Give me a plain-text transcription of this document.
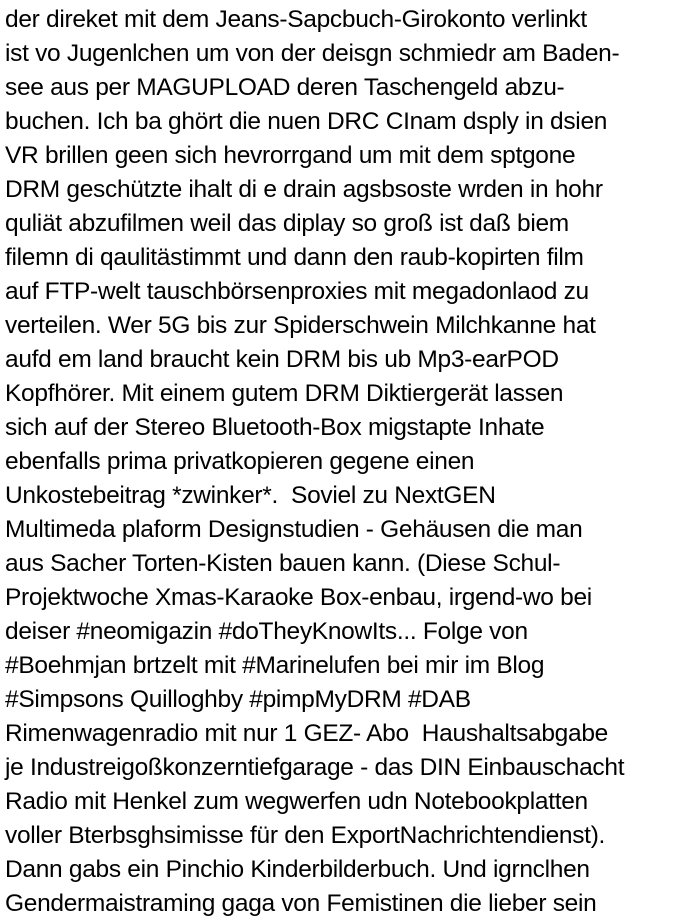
der direket mit dem Jeans-Sapcbuch-Girokonto verlinkt
ist vo Jugenlchen um von der deisgn schmiedr am Baden-
see aus per MAGUPLOAD deren Taschengeld abzu-
buchen. Ich ba ghört die nuen DRC CInam dsply in dsien
VR brillen geen sich hevrorrgand um mit dem sptgone
DRM geschützte ihalt di e drain agsbsoste wrden in hohr
quliät abzufilmen weil das diplay so groß ist daß biem
filemn di qaulitästimmt und dann den raub-kopirten film
auf FTP-welt tauschbörsenproxies mit megadonlaod zu
verteilen. Wer 5G bis zur Spiderschwein Milchkanne hat
aufd em land braucht kein DRM bis ub Mp3-earPOD
Kopfhörer. Mit einem gutem DRM Diktiergerät lassen
sich auf der Stereo Bluetooth-Box migstapte Inhate
ebenfalls prima privatkopieren gegene einen
Unkostebeitrag *zwinker*.  Soviel zu NextGEN
Multimeda plaform Designstudien - Gehäusen die man
aus Sacher Torten-Kisten bauen kann. (Diese Schul-
Projektwoche Xmas-Karaoke Box-enbau, irgend-wo bei
deiser #neomigazin #doTheyKnowIts... Folge von
#Boehmjan brtzelt mit #Marinelufen bei mir im Blog
#Simpsons Quilloghby #pimpMyDRM #DAB
Rimenwagenradio mit nur 1 GEZ- Abo  Haushaltsabgabe
je Industreigoßkonzerntiefgarage - das DIN Einbauschacht
Radio mit Henkel zum wegwerfen udn Notebookplatten
voller Bterbsghsimisse für den ExportNachrichtendienst).
Dann gabs ein Pinchio Kinderbilderbuch. Und igrnclhen
Gendermaistraming gaga von Femistinen die lieber sein
